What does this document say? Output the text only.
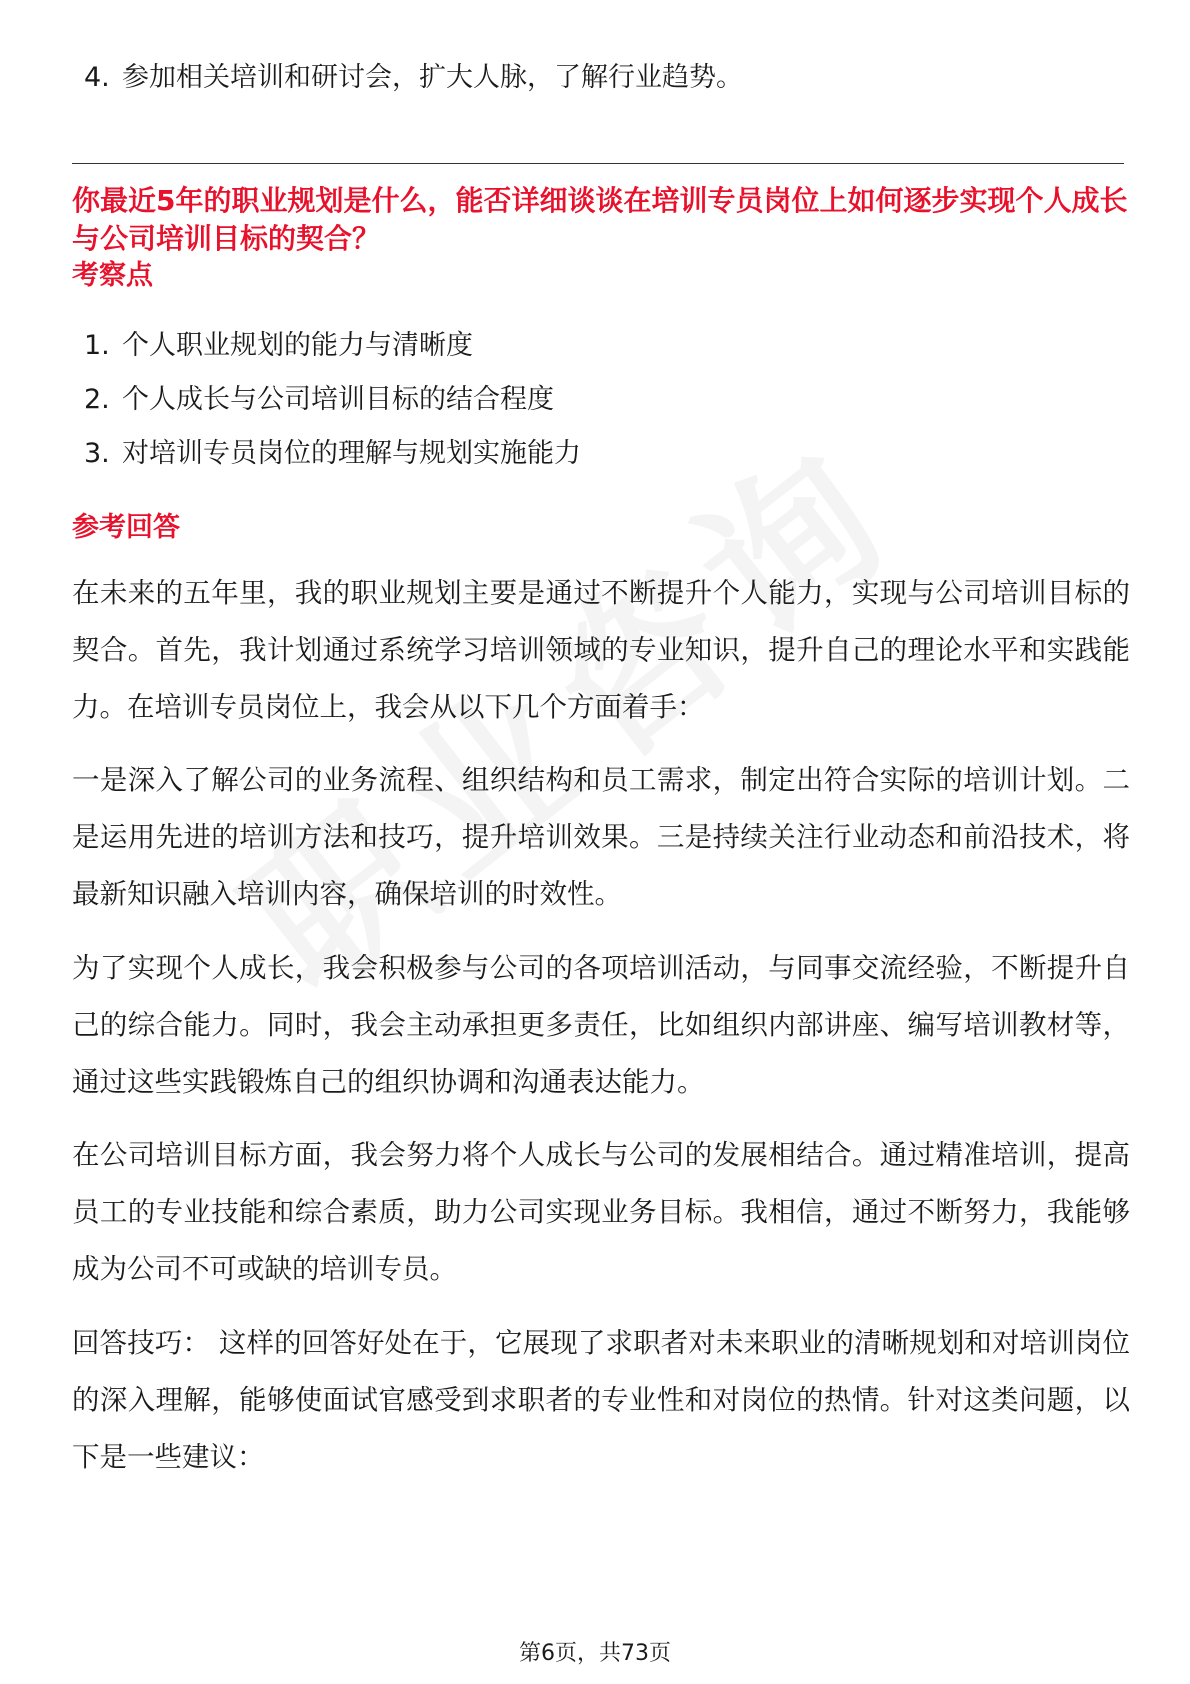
4. 参加相关培训和研讨会，扩大人脉，了解行业趋势。
你最近5年的职业规划是什么，能否详细谈谈在培训专员岗位上如何逐步实现个人成长与公司培训目标的契合？
考察点
1. 个人职业规划的能力与清晰度
2. 个人成长与公司培训目标的结合程度
3. 对培训专员岗位的理解与规划实施能力
参考回答
在未来的五年里，我的职业规划主要是通过不断提升个人能力，实现与公司培训目标的契合。首先，我计划通过系统学习培训领域的专业知识，提升自己的理论水平和实践能力。在培训专员岗位上，我会从以下几个方面着手：
一是深入了解公司的业务流程、组织结构和员工需求，制定出符合实际的培训计划。二是运用先进的培训方法和技巧，提升培训效果。三是持续关注行业动态和前沿技术，将最新知识融入培训内容，确保培训的时效性。
为了实现个人成长，我会积极参与公司的各项培训活动，与同事交流经验，不断提升自己的综合能力。同时，我会主动承担更多责任，比如组织内部讲座、编写培训教材等，通过这些实践锻炼自己的组织协调和沟通表达能力。
在公司培训目标方面，我会努力将个人成长与公司的发展相结合。通过精准培训，提高员工的专业技能和综合素质，助力公司实现业务目标。我相信，通过不断努力，我能够成为公司不可或缺的培训专员。
回答技巧： 这样的回答好处在于，它展现了求职者对未来职业的清晰规划和对培训岗位的深入理解，能够使面试官感受到求职者的专业性和对岗位的热情。针对这类问题，以下是一些建议：
第6页，共73页
